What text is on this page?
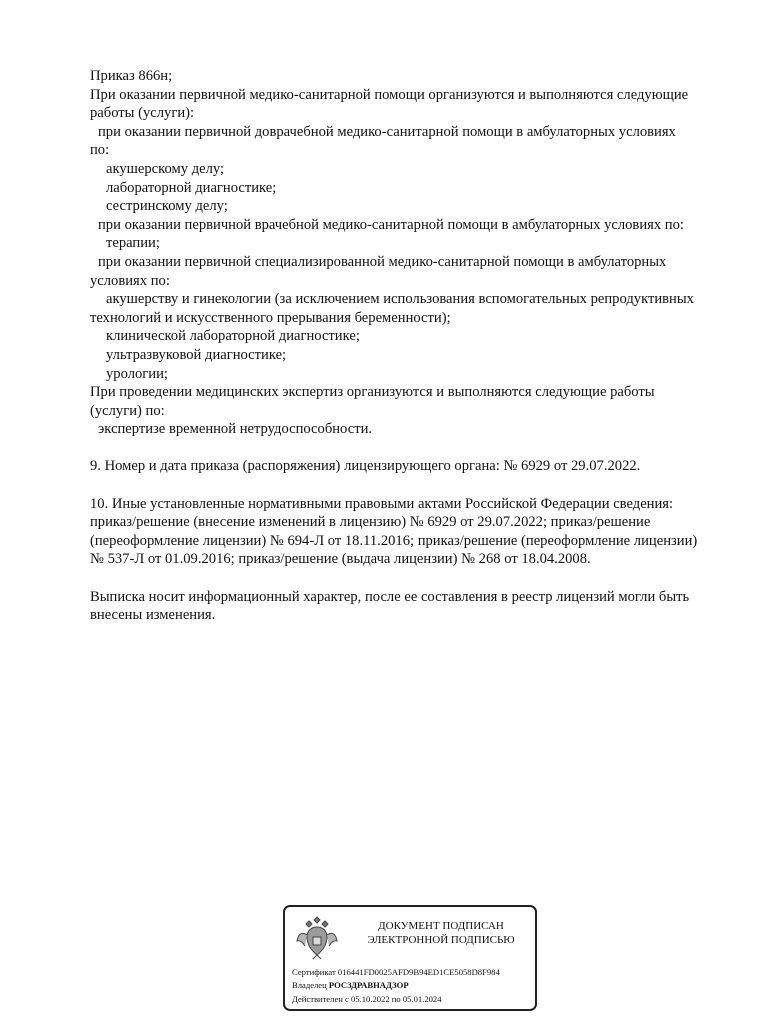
Приказ 866н;
При оказании первичной медико-санитарной помощи организуются и выполняются следующие
работы (услуги):
при оказании первичной доврачебной медико-санитарной помощи в амбулаторных условиях
по:
акушерскому делу;
лабораторной диагностике;
сестринскому делу;
при оказании первичной врачебной медико-санитарной помощи в амбулаторных условиях по:
терапии;
при оказании первичной специализированной медико-санитарной помощи в амбулаторных
условиях по:
акушерству и гинекологии (за исключением использования вспомогательных репродуктивных
технологий и искусственного прерывания беременности);
клинической лабораторной диагностике;
ультразвуковой диагностике;
урологии;
При проведении медицинских экспертиз организуются и выполняются следующие работы
(услуги) по:
экспертизе временной нетрудоспособности.
9. Номер и дата приказа (распоряжения) лицензирующего органа: № 6929 от 29.07.2022.
10. Иные установленные нормативными правовыми актами Российской Федерации сведения:
приказ/решение (внесение изменений в лицензию) № 6929 от 29.07.2022; приказ/решение
(переоформление лицензии) № 694-Л от 18.11.2016; приказ/решение (переоформление лицензии)
№ 537-Л от 01.09.2016; приказ/решение (выдача лицензии) № 268 от 18.04.2008.
Выписка носит информационный характер, после ее составления в реестр лицензий могли быть
внесены изменения.
ДОКУМЕНТ ПОДПИСАН
ЭЛЕКТРОННОЙ ПОДПИСЬЮ
Сертификат 016441FD0025AFD9B94ED1CE5058D8F984
Владелец РОСЗДРАВНАДЗОР
Действителен с 05.10.2022 по 05.01.2024
